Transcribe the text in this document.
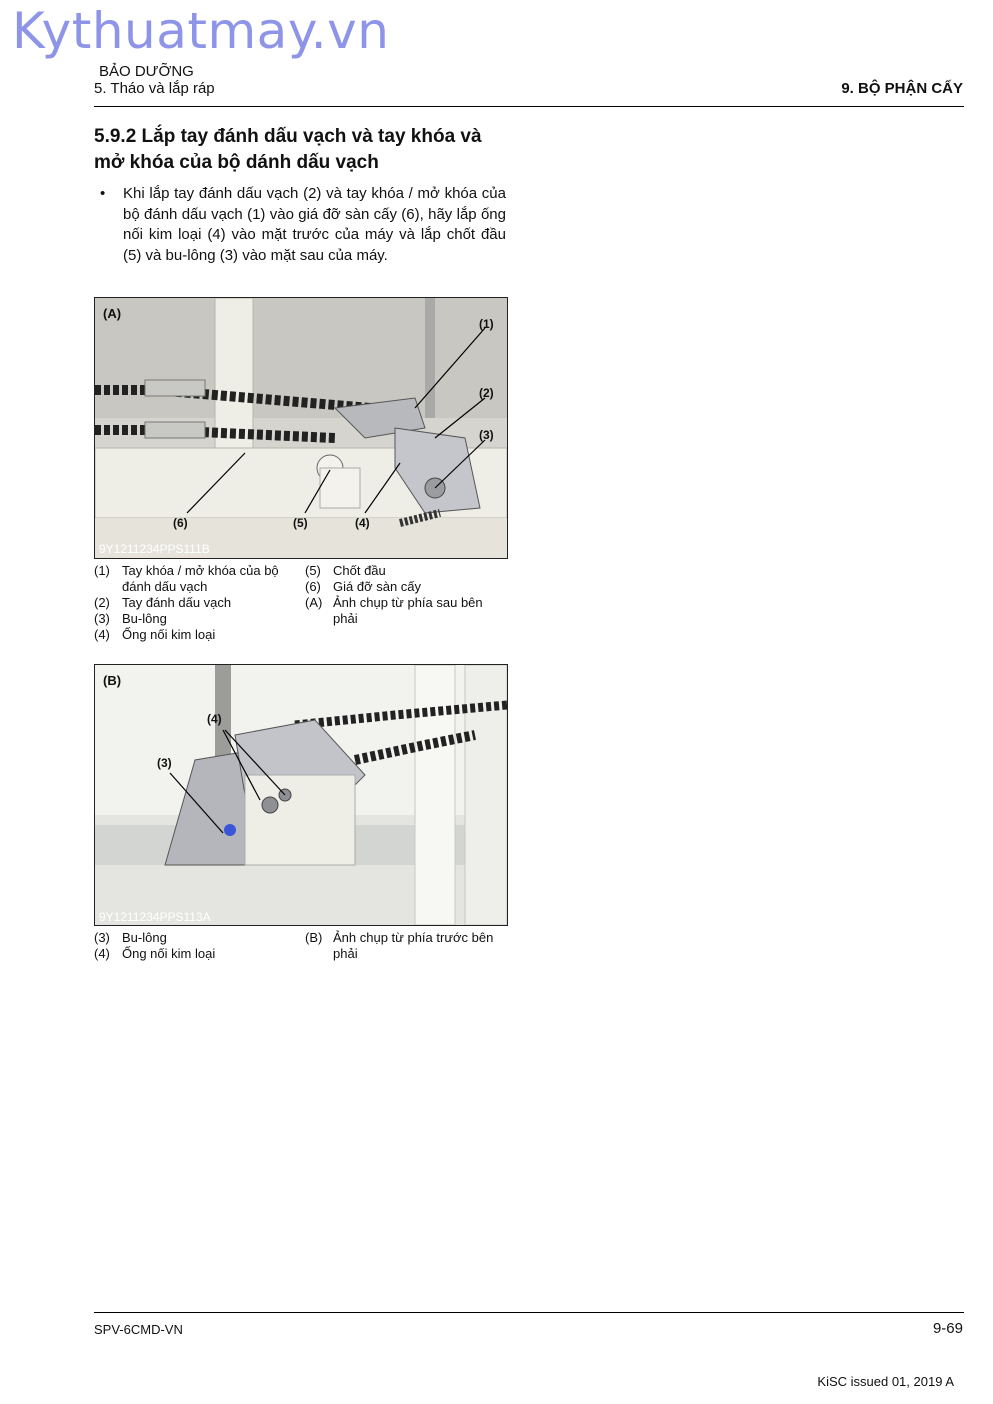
Kythuatmay.vn
BẢO DƯỠNG
5. Tháo và lắp ráp	9. BỘ PHẬN CẤY
5.9.2 Lắp tay đánh dấu vạch và tay khóa và mở khóa của bộ dánh dấu vạch
• Khi lắp tay đánh dấu vạch (2) và tay khóa / mở khóa của bộ đánh dấu vạch (1) vào giá đỡ sàn cấy (6), hãy lắp ống nối kim loại (4) vào mặt trước của máy và lắp chốt đầu (5) và bu-lông (3) vào mặt sau của máy.
(A)
(1)
(2)
(3)
(4)
(5)
(6)
9Y1211234PPS111B
(1) Tay khóa / mở khóa của bộ đánh dấu vạch
(2) Tay đánh dấu vạch
(3) Bu-lông
(4) Ống nối kim loại
(5) Chốt đầu
(6) Giá đỡ sàn cấy
(A) Ảnh chụp từ phía sau bên phải
(B)
(4)
(3)
9Y1211234PPS113A
(3) Bu-lông
(4) Ống nối kim loại
(B) Ảnh chụp từ phía trước bên phải
SPV-6CMD-VN	9-69
KiSC issued 01, 2019 A
